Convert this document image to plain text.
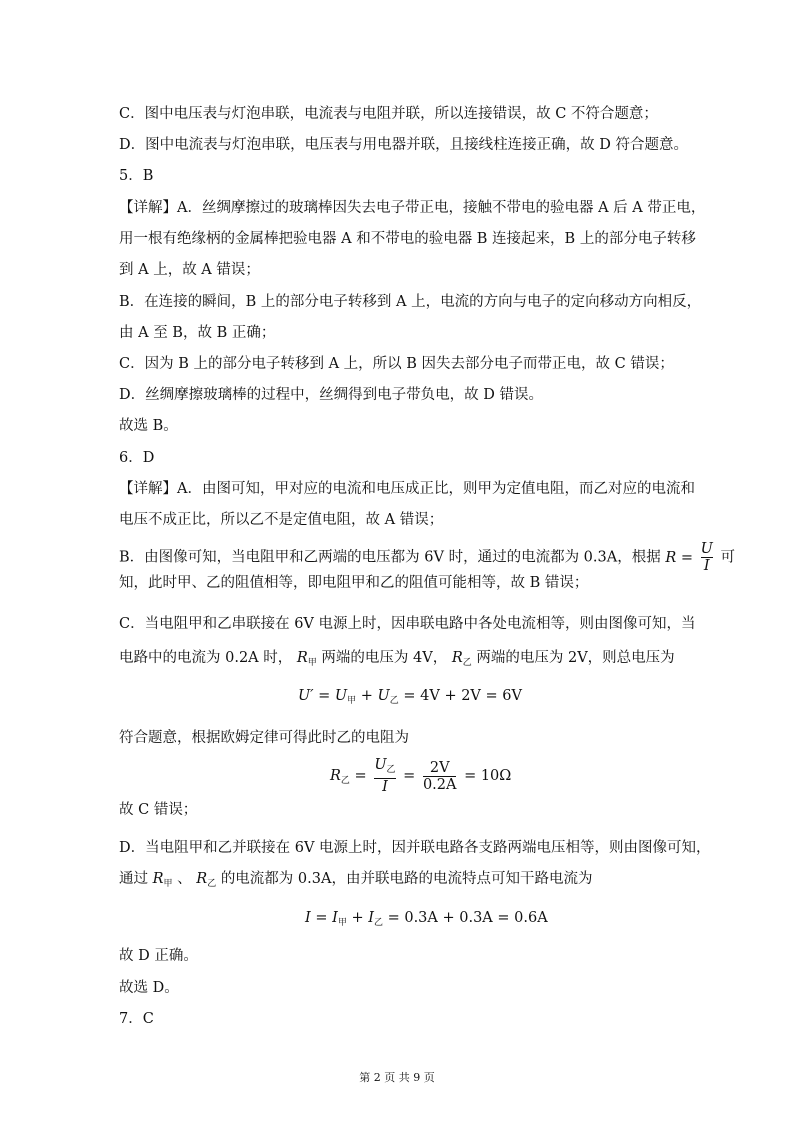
C．图中电压表与灯泡串联，电流表与电阻并联，所以连接错误，故 C 不符合题意；
D．图中电流表与灯泡串联，电压表与用电器并联，且接线柱连接正确，故 D 符合题意。
5．B
【详解】A．丝绸摩擦过的玻璃棒因失去电子带正电，接触不带电的验电器 A 后 A 带正电，
用一根有绝缘柄的金属棒把验电器 A 和不带电的验电器 B 连接起来，B 上的部分电子转移
到 A 上，故 A 错误；
B．在连接的瞬间，B 上的部分电子转移到 A 上，电流的方向与电子的定向移动方向相反，
由 A 至 B，故 B 正确；
C．因为 B 上的部分电子转移到 A 上，所以 B 因失去部分电子而带正电，故 C 错误；
D．丝绸摩擦玻璃棒的过程中，丝绸得到电子带负电，故 D 错误。
故选 B。
6．D
【详解】A．由图可知，甲对应的电流和电压成正比，则甲为定值电阻，而乙对应的电流和
电压不成正比，所以乙不是定值电阻，故 A 错误；
B．由图像可知，当电阻甲和乙两端的电压都为 6V 时，通过的电流都为 0.3A，根据 $R = \frac{U}{I}$ 可
知，此时甲、乙的阻值相等，即电阻甲和乙的阻值可能相等，故 B 错误；
C．当电阻甲和乙串联接在 6V 电源上时，因串联电路中各处电流相等，则由图像可知，当
电路中的电流为 0.2A 时， $R_甲$ 两端的电压为 4V， $R_乙$ 两端的电压为 2V，则总电压为
$U' = U_甲 + U_乙 = 4V + 2V = 6V$
符合题意，根据欧姆定律可得此时乙的电阻为
$R_乙 = \frac{U_乙}{I} = \frac{2V}{0.2A} = 10\Omega$
故 C 错误；
D．当电阻甲和乙并联接在 6V 电源上时，因并联电路各支路两端电压相等，则由图像可知，
通过 $R_甲$ 、 $R_乙$ 的电流都为 0.3A，由并联电路的电流特点可知干路电流为
$I = I_甲 + I_乙 = 0.3A + 0.3A = 0.6A$
故 D 正确。
故选 D。
7．C
第 2 页 共 9 页
